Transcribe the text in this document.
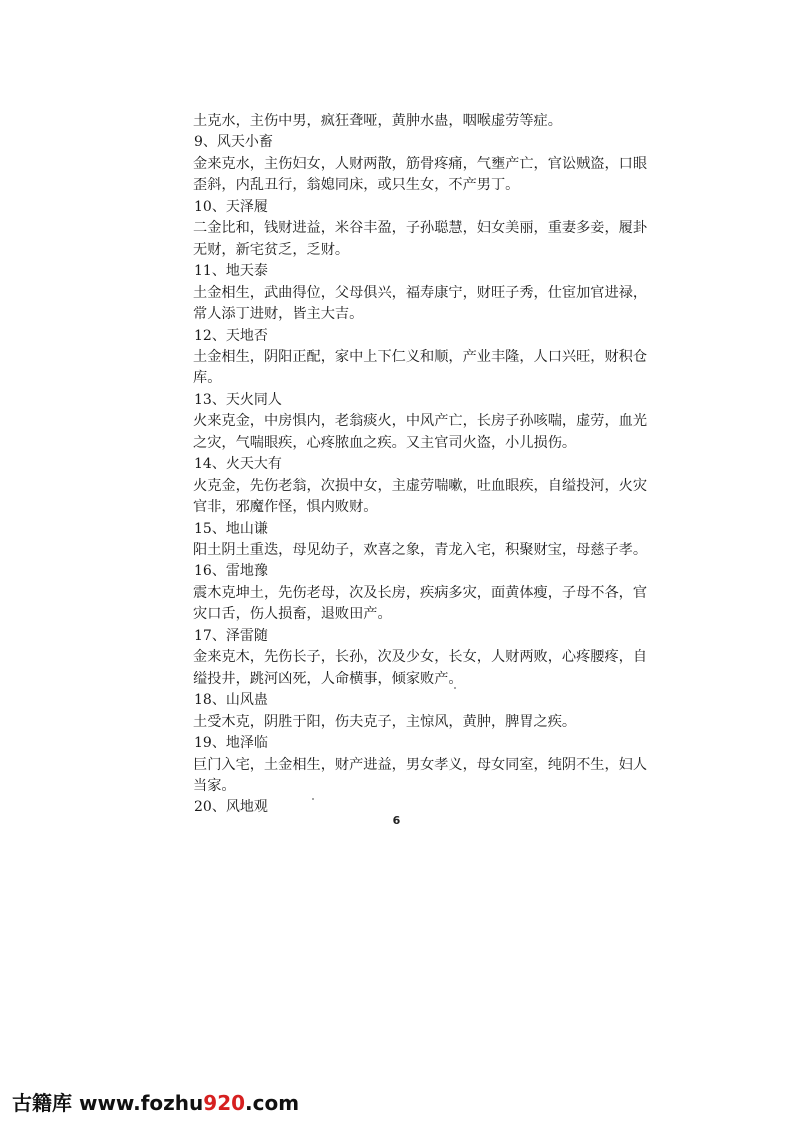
土克水，主伤中男，疯狂聋哑，黄肿水蛊，咽喉虚劳等症。

9、风天小畜

金来克水，主伤妇女，人财两散，筋骨疼痛，气壅产亡，官讼贼盗，口眼

歪斜，内乱丑行，翁媳同床，或只生女，不产男丁。

10、天泽履

二金比和，钱财进益，米谷丰盈，子孙聪慧，妇女美丽，重妻多妾，履卦

无财，新宅贫乏，乏财。

11、地天泰

土金相生，武曲得位，父母俱兴，福寿康宁，财旺子秀，仕宦加官进禄，

常人添丁进财，皆主大吉。

12、天地否

土金相生，阴阳正配，家中上下仁义和顺，产业丰隆，人口兴旺，财积仓

库。

13、天火同人

火来克金，中房惧内，老翁痰火，中风产亡，长房子孙咳喘，虚劳，血光

之灾，气喘眼疾，心疼脓血之疾。又主官司火盗，小儿损伤。

14、火天大有

火克金，先伤老翁，次损中女，主虚劳喘嗽，吐血眼疾，自缢投河，火灾

官非，邪魔作怪，惧内败财。

15、地山谦

阳土阴土重迭，母见幼子，欢喜之象，青龙入宅，积聚财宝，母慈子孝。

16、雷地豫

震木克坤土，先伤老母，次及长房，疾病多灾，面黄体瘦，子母不各，官

灾口舌，伤人损畜，退败田产。

17、泽雷随

金来克木，先伤长子，长孙，次及少女，长女，人财两败，心疼腰疼，自

缢投井，跳河凶死，人命横事，倾家败产。

18、山风蛊

土受木克，阴胜于阳，伤夫克子，主惊风，黄肿，脾胃之疾。

19、地泽临

巨门入宅，土金相生，财产进益，男女孝义，母女同室，纯阴不生，妇人

当家。

20、风地观

6
古籍库 www.fozhu920.com
